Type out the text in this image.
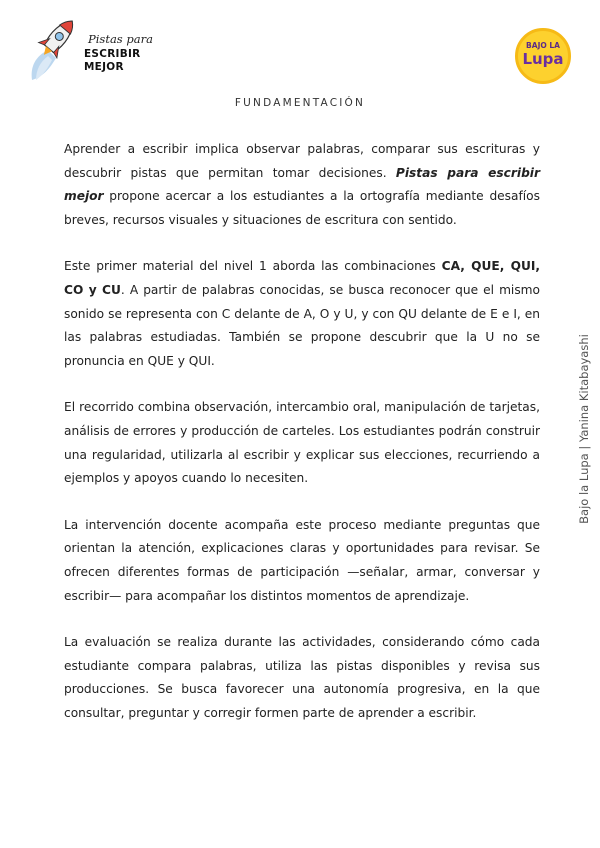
Pistas para
ESCRIBIR MEJOR
BAJO LA
Lupa
FUNDAMENTACIÓN

Aprender a escribir implica observar palabras, comparar sus escrituras y descubrir pistas que permitan tomar decisiones. Pistas para escribir mejor propone acercar a los estudiantes a la ortografía mediante desafíos breves, recursos visuales y situaciones de escritura con sentido.

Este primer material del nivel 1 aborda las combinaciones CA, QUE, QUI, CO y CU. A partir de palabras conocidas, se busca reconocer que el mismo sonido se representa con C delante de A, O y U, y con QU delante de E e I, en las palabras estudiadas. También se propone descubrir que la U no se pronuncia en QUE y QUI.

El recorrido combina observación, intercambio oral, manipulación de tarjetas, análisis de errores y producción de carteles. Los estudiantes podrán construir una regularidad, utilizarla al escribir y explicar sus elecciones, recurriendo a ejemplos y apoyos cuando lo necesiten.

La intervención docente acompaña este proceso mediante preguntas que orientan la atención, explicaciones claras y oportunidades para revisar. Se ofrecen diferentes formas de participación —señalar, armar, conversar y escribir— para acompañar los distintos momentos de aprendizaje.

La evaluación se realiza durante las actividades, considerando cómo cada estudiante compara palabras, utiliza las pistas disponibles y revisa sus producciones. Se busca favorecer una autonomía progresiva, en la que consultar, preguntar y corregir formen parte de aprender a escribir.

Bajo la Lupa | Yanina Kitabayashi
